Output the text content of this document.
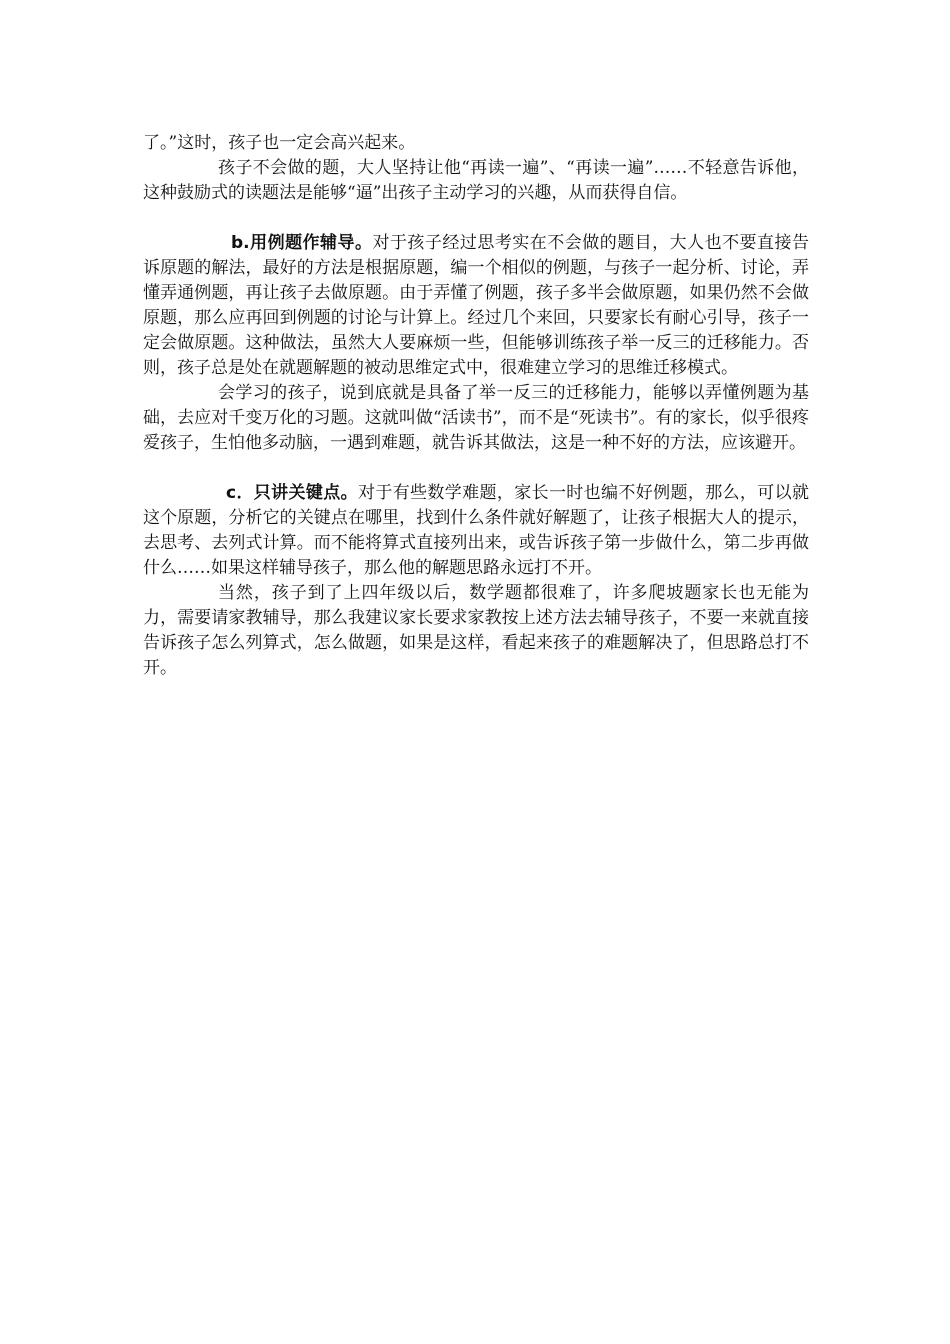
了。”这时，孩子也一定会高兴起来。

孩子不会做的题，大人坚持让他“再读一遍”、“再读一遍”……不轻意告诉他，这种鼓励式的读题法是能够“逼”出孩子主动学习的兴趣，从而获得自信。

b.用例题作辅导。对于孩子经过思考实在不会做的题目，大人也不要直接告诉原题的解法，最好的方法是根据原题，编一个相似的例题，与孩子一起分析、讨论，弄懂弄通例题，再让孩子去做原题。由于弄懂了例题，孩子多半会做原题，如果仍然不会做原题，那么应再回到例题的讨论与计算上。经过几个来回，只要家长有耐心引导，孩子一定会做原题。这种做法，虽然大人要麻烦一些，但能够训练孩子举一反三的迁移能力。否则，孩子总是处在就题解题的被动思维定式中，很难建立学习的思维迁移模式。

会学习的孩子，说到底就是具备了举一反三的迁移能力，能够以弄懂例题为基础，去应对千变万化的习题。这就叫做“活读书”，而不是“死读书”。有的家长，似乎很疼爱孩子，生怕他多动脑，一遇到难题，就告诉其做法，这是一种不好的方法，应该避开。

c．只讲关键点。对于有些数学难题，家长一时也编不好例题，那么，可以就这个原题，分析它的关键点在哪里，找到什么条件就好解题了，让孩子根据大人的提示，去思考、去列式计算。而不能将算式直接列出来，或告诉孩子第一步做什么，第二步再做什么……如果这样辅导孩子，那么他的解题思路永远打不开。

当然，孩子到了上四年级以后，数学题都很难了，许多爬坡题家长也无能为力，需要请家教辅导，那么我建议家长要求家教按上述方法去辅导孩子，不要一来就直接告诉孩子怎么列算式，怎么做题，如果是这样，看起来孩子的难题解决了，但思路总打不开。
